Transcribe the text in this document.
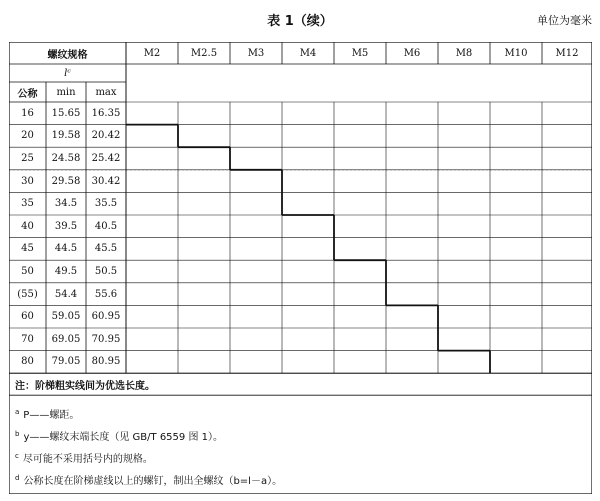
表 1（续）	单位为毫米
螺纹规格
lᶜ
公称	min	max
M2	M2.5	M3	M4	M5	M6	M8	M10	M12
16	15.65	16.35
20	19.58	20.42
25	24.58	25.42
30	29.58	30.42
35	34.5	35.5
40	39.5	40.5
45	44.5	45.5
50	49.5	50.5
(55)	54.4	55.6
60	59.05	60.95
70	69.05	70.95
80	79.05	80.95
注：阶梯粗实线间为优选长度。
$^a$ P——螺距。
$^b$ y——螺纹末端长度（见 GB/T 6559 图 1）。
$^c$ 尽可能不采用括号内的规格。
$^d$ 公称长度在阶梯虚线以上的螺钉，制出全螺纹（b=l－a）。
